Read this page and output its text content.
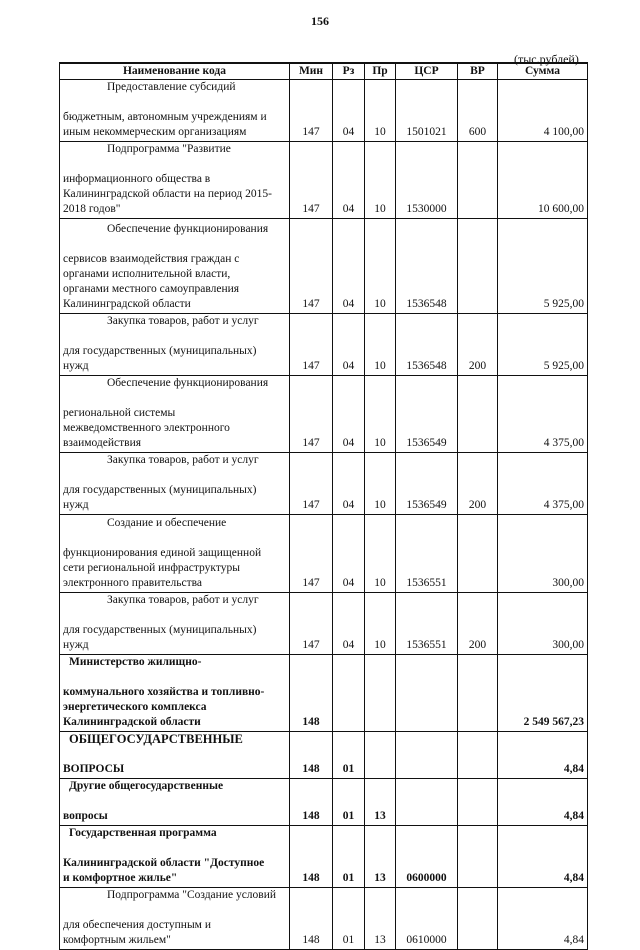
156
(тыс.рублей)
Наименование кода	Мин	Рз	Пр	ЦСР	ВР	Сумма

Предоставление субсидий

бюджетным, автономным учреждениям и
иным некоммерческим организациям	147	04	10	1501021	600	4 100,00

Подпрограмма "Развитие

информационного общества в
Калининградской области на период 2015-
2018 годов"	147	04	10	1530000		10 600,00

Обеспечение функционирования

сервисов взаимодействия граждан с
органами исполнительной власти,
органами местного самоуправления
Калининградской области	147	04	10	1536548		5 925,00

Закупка товаров, работ и услуг

для государственных (муниципальных)
нужд	147	04	10	1536548	200	5 925,00

Обеспечение функционирования

региональной системы
межведомственного электронного
взаимодействия	147	04	10	1536549		4 375,00

Закупка товаров, работ и услуг

для государственных (муниципальных)
нужд	147	04	10	1536549	200	4 375,00

Создание и обеспечение

функционирования единой защищенной
сети региональной инфраструктуры
электронного правительства	147	04	10	1536551		300,00

Закупка товаров, работ и услуг

для государственных (муниципальных)
нужд	147	04	10	1536551	200	300,00

Министерство жилищно-

коммунального хозяйства и топливно-
энергетического комплекса
Калининградской области	148					2 549 567,23

ОБЩЕГОСУДАРСТВЕННЫЕ

ВОПРОСЫ	148	01				4,84

Другие общегосударственные

вопросы	148	01	13			4,84

Государственная программа

Калининградской области "Доступное
и комфортное жилье"	148	01	13	0600000		4,84

Подпрограмма "Создание условий

для обеспечения доступным и
комфортным жильем"	148	01	13	0610000		4,84
